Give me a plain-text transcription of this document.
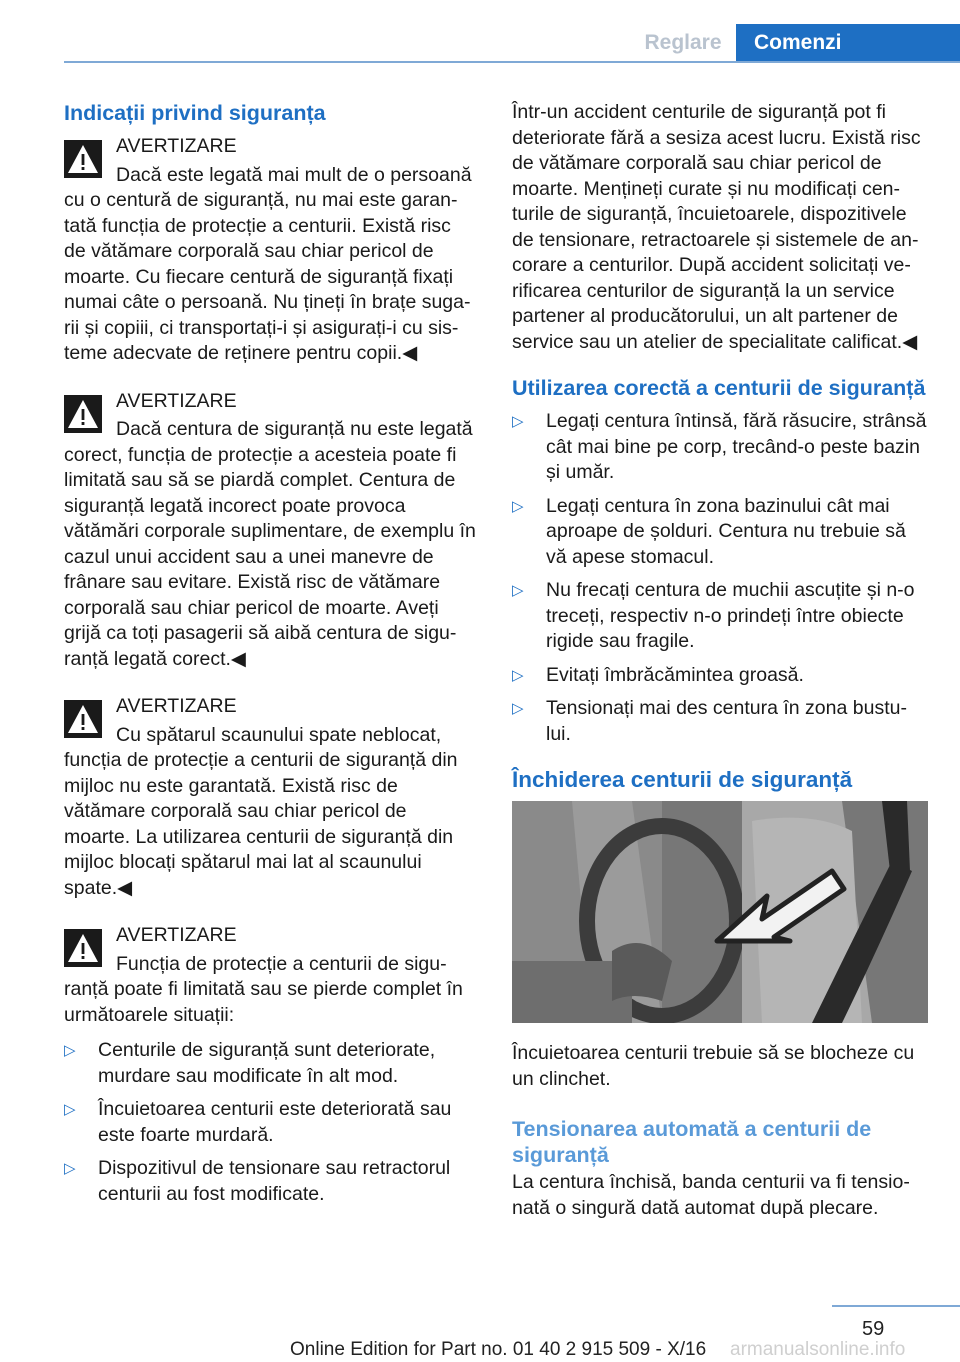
Reglare	Comenzi
Indicații privind siguranța
AVERTIZARE

Dacă este legată mai mult de o persoană cu o centură de siguranță, nu mai este garan‐tată funcția de protecție a centurii. Există risc de vătămare corporală sau chiar pericol de moarte. Cu fiecare centură de siguranță fixați numai câte o persoană. Nu țineți în brațe suga‐rii și copiii, ci transportați-i și asigurați-i cu sis‐teme adecvate de reținere pentru copii.◀

AVERTIZARE

Dacă centura de siguranță nu este legată corect, funcția de protecție a acesteia poate fi limitată sau să se piardă complet. Centura de siguranță legată incorect poate provoca vătămări corporale suplimentare, de exemplu în cazul unui accident sau a unei manevre de frânare sau evitare. Există risc de vătămare corporală sau chiar pericol de moarte. Aveți grijă ca toți pasagerii să aibă centura de sigu‐ranță legată corect.◀

AVERTIZARE

Cu spătarul scaunului spate neblocat, funcția de protecție a centurii de siguranță din mijloc nu este garantată. Există risc de vătămare corporală sau chiar pericol de moarte. La utilizarea centurii de siguranță din mijloc blocați spătarul mai lat al scaunului spate.◀

AVERTIZARE

Funcția de protecție a centurii de sigu‐ranță poate fi limitată sau se pierde complet în următoarele situații:

▷ Centurile de siguranță sunt deteriorate, murdare sau modificate în alt mod.
▷ Încuietoarea centurii este deteriorată sau este foarte murdară.
▷ Dispozitivul de tensionare sau retractorul centurii au fost modificate.

Într-un accident centurile de siguranță pot fi deteriorate fără a sesiza acest lucru. Există risc de vătămare corporală sau chiar pericol de moarte. Mențineți curate și nu modificați cen‐turile de siguranță, încuietoarele, dispozitivele de tensionare, retractoarele și sistemele de an‐corare a centurilor. După accident solicitați ve‐rificarea centurilor de siguranță la un service partener al producătorului, un alt partener de service sau un atelier de specialitate calificat.◀

Utilizarea corectă a centurii de siguranță
▷ Legați centura întinsă, fără răsucire, strânsă cât mai bine pe corp, trecând-o peste bazin și umăr.
▷ Legați centura în zona bazinului cât mai aproape de șolduri. Centura nu trebuie să vă apese stomacul.
▷ Nu frecați centura de muchii ascuțite și n-o treceți, respectiv n-o prindeți între obiecte rigide sau fragile.
▷ Evitați îmbrăcămintea groasă.
▷ Tensionați mai des centura în zona bustu‐lui.
Închiderea centurii de siguranță

Încuietoarea centurii trebuie să se blocheze cu un clinchet.

Tensionarea automată a centurii de siguranță

La centura închisă, banda centurii va fi tensio‐nată o singură dată automat după plecare.

59
Online Edition for Part no. 01 40 2 915 509 - X/16 armanualsonline.info
